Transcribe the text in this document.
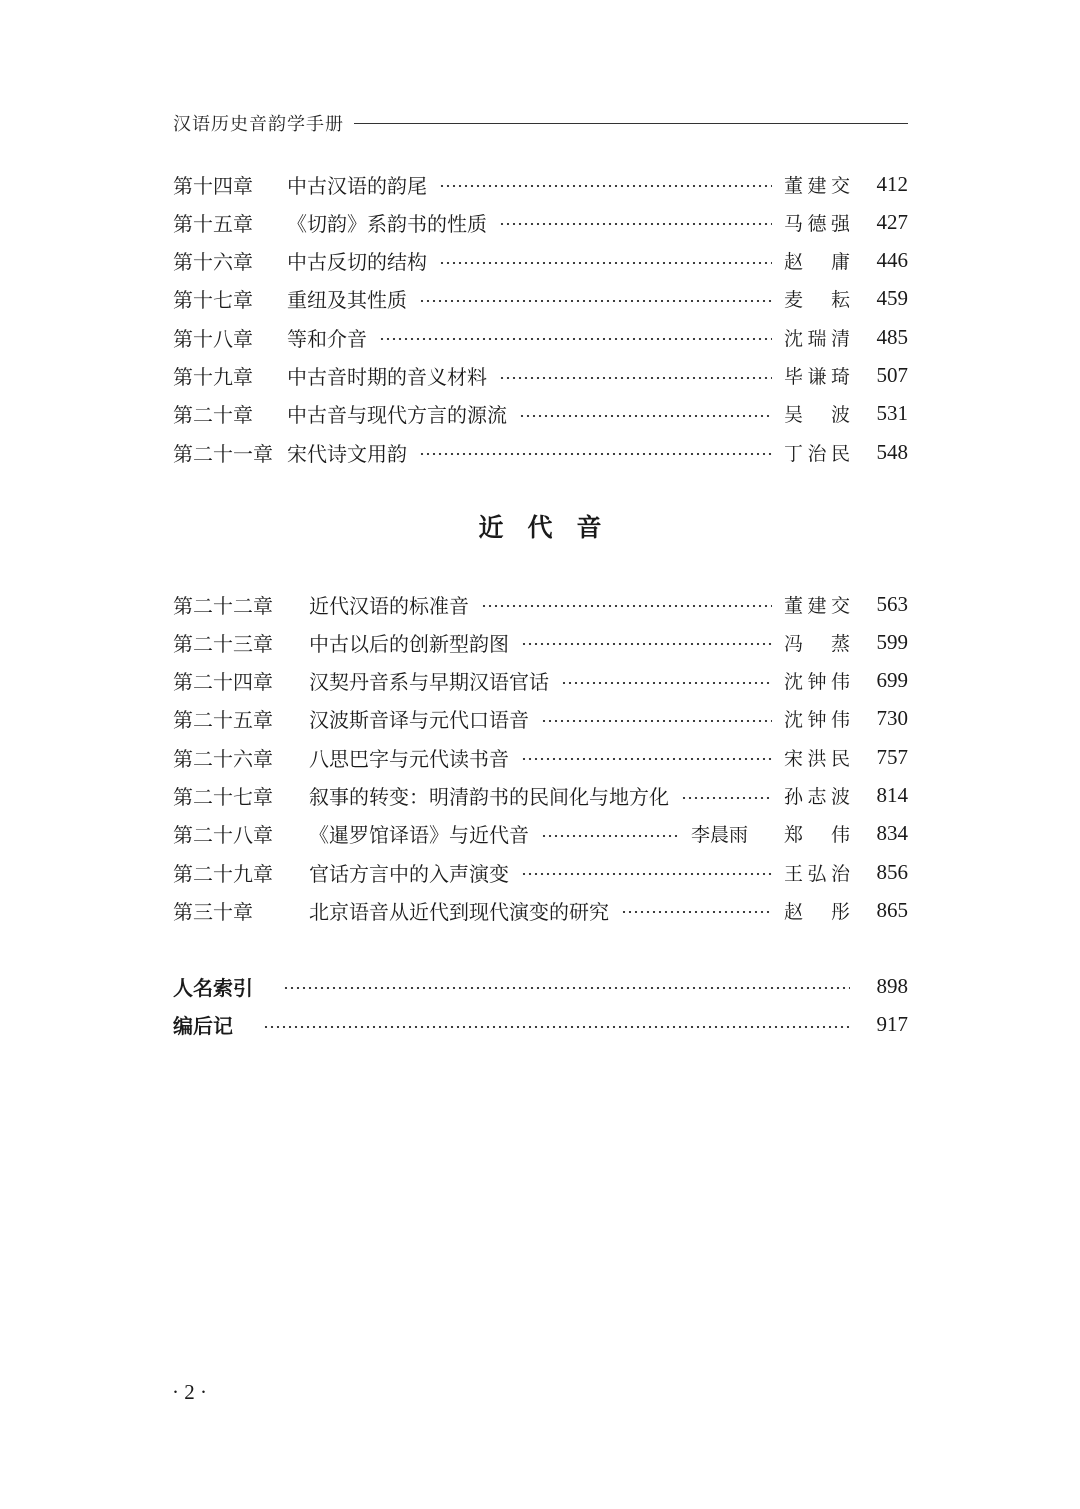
汉语历史音韵学手册
第十四章	中古汉语的韵尾	董建交	412
第十五章	《切韵》系韵书的性质	马德强	427
第十六章	中古反切的结构	赵庸	446
第十七章	重纽及其性质	麦耘	459
第十八章	等和介音	沈瑞清	485
第十九章	中古音时期的音义材料	毕谦琦	507
第二十章	中古音与现代方言的源流	吴波	531
第二十一章 宋代诗文用韵	丁治民	548
近代音
第二十二章	近代汉语的标准音	董建交	563
第二十三章	中古以后的创新型韵图	冯蒸	599
第二十四章	汉契丹音系与早期汉语官话	沈钟伟	699
第二十五章	汉波斯音译与元代口语音	沈钟伟	730
第二十六章	八思巴字与元代读书音	宋洪民	757
第二十七章	叙事的转变：明清韵书的民间化与地方化	孙志波	814
第二十八章	《暹罗馆译语》与近代音	李晨雨 郑伟	834
第二十九章	官话方言中的入声演变	王弘治	856
第三十章	北京语音从近代到现代演变的研究	赵彤	865
人名索引	898
编后记	917
· 2 ·
